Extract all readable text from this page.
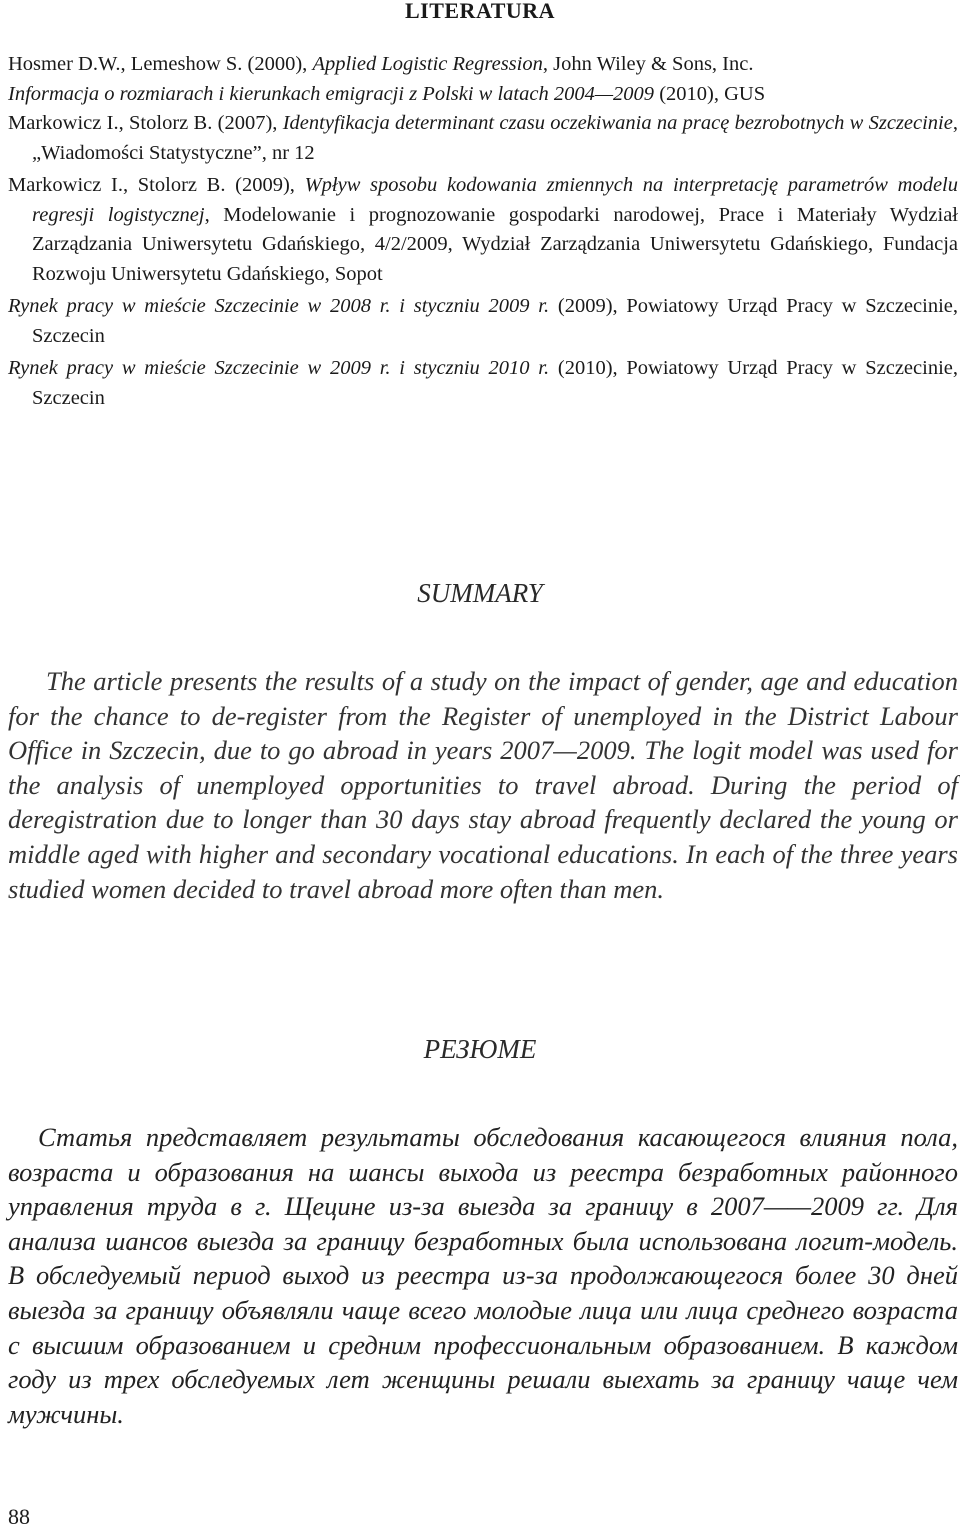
LITERATURA

Hosmer D.W., Lemeshow S. (2000), Applied Logistic Regression, John Wiley & Sons, Inc.

Informacja o rozmiarach i kierunkach emigracji z Polski w latach 2004—2009 (2010), GUS

Markowicz I., Stolorz B. (2007), Identyfikacja determinant czasu oczekiwania na pracę bezrobotnych w Szczecinie, „Wiadomości Statystyczne”, nr 12

Markowicz I., Stolorz B. (2009), Wpływ sposobu kodowania zmiennych na interpretację parametrów modelu regresji logistycznej, Modelowanie i prognozowanie gospodarki narodowej, Prace i Materiały Wydział Zarządzania Uniwersytetu Gdańskiego, 4/2/2009, Wydział Zarządzania Uniwersytetu Gdańskiego, Fundacja Rozwoju Uniwersytetu Gdańskiego, Sopot

Rynek pracy w mieście Szczecinie w 2008 r. i styczniu 2009 r. (2009), Powiatowy Urząd Pracy w Szczecinie, Szczecin

Rynek pracy w mieście Szczecinie w 2009 r. i styczniu 2010 r. (2010), Powiatowy Urząd Pracy w Szczecinie, Szczecin

SUMMARY

The article presents the results of a study on the impact of gender, age and education for the chance to de-register from the Register of unemployed in the District Labour Office in Szczecin, due to go abroad in years 2007—2009. The logit model was used for the analysis of unemployed opportunities to travel abroad. During the period of deregistration due to longer than 30 days stay abroad frequently declared the young or middle aged with higher and secondary vocational educations. In each of the three years studied women decided to travel abroad more often than men.

РЕЗЮМЕ

Статья представляет результаты обследования касающегося влияния пола, возраста и образования на шансы выхода из реестра безработных районного управления труда в г. Щецине из-за выезда за границу в 2007——2009 гг. Для анализа шансов выезда за границу безработных была использована логит-модель. В обследуемый период выход из реестра из-за продолжающегося более 30 дней выезда за границу объявляли чаще всего молодые лица или лица среднего возраста с высшим образованием и средним профессиональным образованием. В каждом году из трех обследуемых лет женщины решали выехать за границу чаще чем мужчины.

88
